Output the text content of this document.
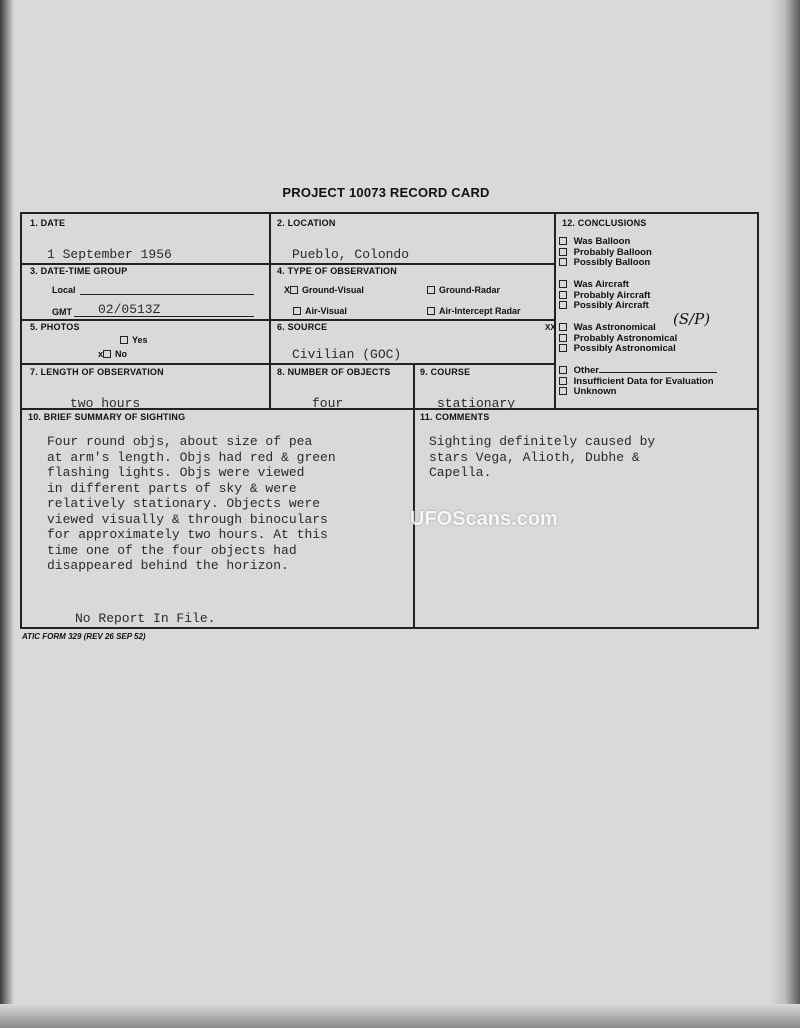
PROJECT 10073 RECORD CARD
1. DATE
1 September 1956
2. LOCATION
Pueblo, Colondo
3. DATE-TIME GROUP
Local
GMT 02/0513Z
4. TYPE OF OBSERVATION
X Ground-Visual	Ground-Radar
Air-Visual	Air-Intercept Radar
5. PHOTOS
Yes
x No
6. SOURCE
Civilian (GOC)
7. LENGTH OF OBSERVATION
two hours
8. NUMBER OF OBJECTS
four
9. COURSE
stationary
12. CONCLUSIONS
Was Balloon
Probably Balloon
Possibly Balloon
Was Aircraft
Probably Aircraft
Possibly Aircraft
XX Was Astronomical
Probably Astronomical
Possibly Astronomical
(S/P)
Other
Insufficient Data for Evaluation
Unknown
10. BRIEF SUMMARY OF SIGHTING
Four round objs, about size of pea
at arm's length. Objs had red & green
flashing lights. Objs were viewed
in different parts of sky & were
relatively stationary. Objects were
viewed visually & through binoculars
for approximately two hours. At this
time one of the four objects had
disappeared behind the horizon.
No Report In File.
11. COMMENTS
Sighting definitely caused by
stars Vega, Alioth, Dubhe &
Capella.
ATIC FORM 329 (REV 26 SEP 52)
UFOScans.com
